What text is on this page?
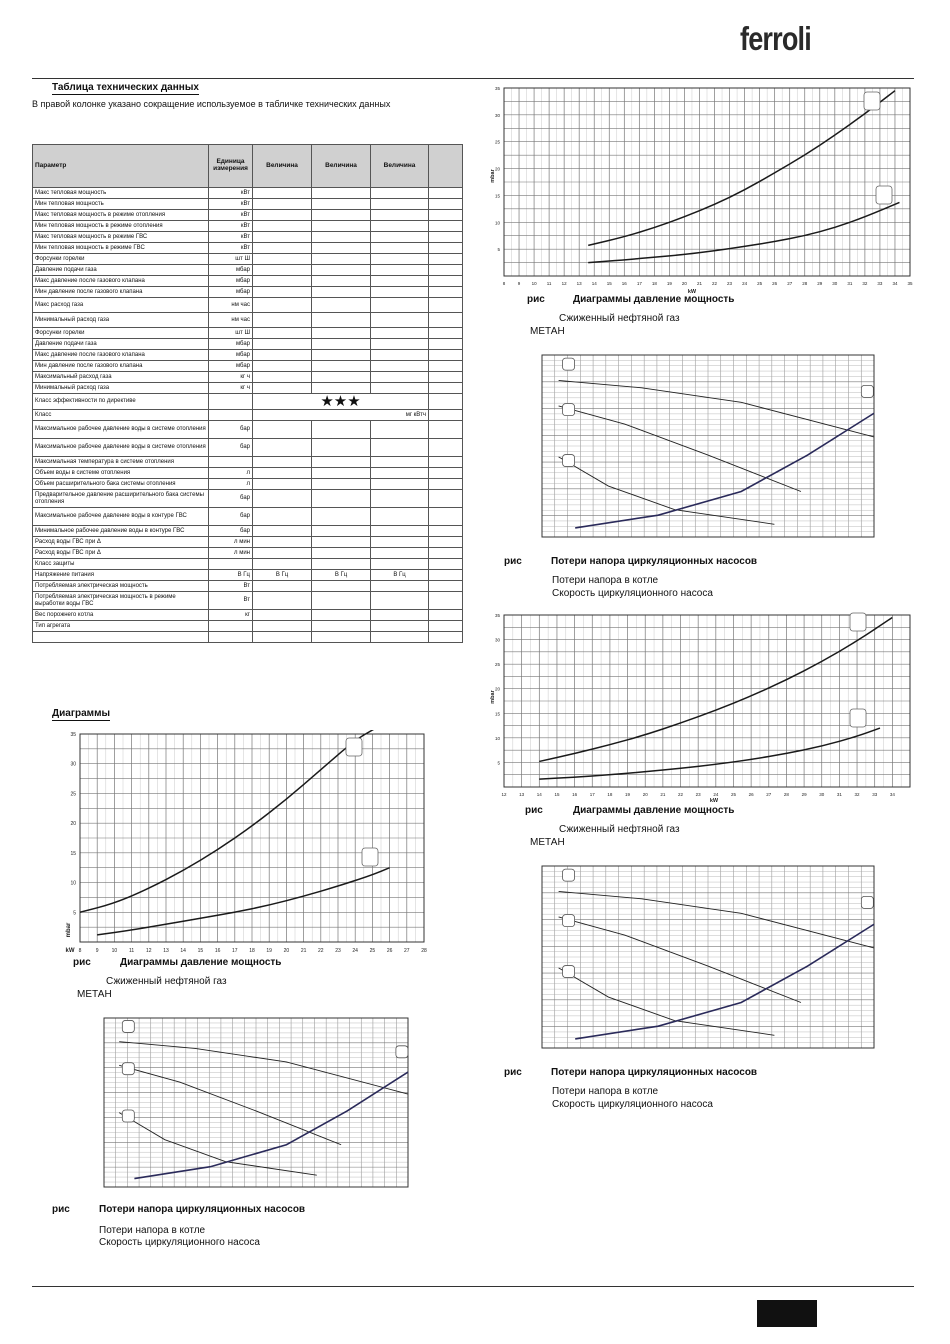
ferroli
Таблица технических данных
В правой колонке указано сокращение используемое в табличке технических данных
Параметр	Единица измерения	Величина	Величина	Величина	
Макс тепловая мощность	кВт				
Мин тепловая мощность	кВт				
Макс тепловая мощность в режиме отопления	кВт				
Мин тепловая мощность в режиме отопления	кВт				
Макс тепловая мощность в режиме ГВС	кВт				
Мин тепловая мощность в режиме ГВС	кВт				
Форсунки горелки	шт Ш				
Давление подачи газа	мбар				
Макс давление после газового клапана	мбар				
Мин давление после газового клапана	мбар				
Макс расход газа	нм час				
Минимальный расход газа	нм час				
Форсунки горелки	шт Ш				
Давление подачи газа	мбар				
Макс давление после газового клапана	мбар				
Мин давление после газового клапана	мбар				
Максимальный расход газа	кг ч				
Минимальный расход газа	кг ч				
Класс эффективности по директиве		★★★			
Класс		мг кВтч			
Максимальное рабочее давление воды в системе отопления	бар				
Максимальное рабочее давление воды в системе отопления	бар				
Максимальная температура в системе отопления					
Объем воды в системе отопления	л				
Объем расширительного бака системы отопления	л				
Предварительное давление расширительного бака системы отопления	бар				
Максимальное рабочее давление воды в контуре ГВС	бар				
Минимальное рабочее давление воды в контуре ГВС	бар				
Расход воды ГВС при Δ	л мин				
Расход воды ГВС при Δ	л мин				
Класс защиты					
Напряжение питания	В Гц	В Гц	В Гц	В Гц	
Потребляемая электрическая мощность	Вт				
Потребляемая электрическая мощность в режиме выработки воды ГВС	Вт				
Вес порожнего котла	кг				
Тип агрегата					

Диаграммы
8	9	10 11 12 13 14 15 16 17 18 19 20 21 22 23 24 25 26 27 28
5
10
15
20
25
30
35
mbar
kW
рис	Диаграммы давление мощность
Сжиженный нефтяной газ
МЕТАН
рис	Потери напора циркуляционных насосов
Потери напора в котле
Скорость циркуляционного насоса
8	9	10 11 12 13 14 15 16 17 18 19 20 21 22 23 24 25 26 27 28 29 30 31 32 33 34 35
5
10
15
20
25
30
35
mbar
kW
рис	Диаграммы давление мощность
Сжиженный нефтяной газ
МЕТАН
рис	Потери напора циркуляционных насосов
Потери напора в котле
Скорость циркуляционного насоса
12	13	14	15	16	17	18	19	20	21	22	23	24	25	26	27	28	29	30	31	32	33	34
5
10
15
20
25
30
35
mbar
kW
рис	Диаграммы давление мощность
Сжиженный нефтяной газ
МЕТАН
рис	Потери напора циркуляционных насосов
Потери напора в котле
Скорость циркуляционного насоса
